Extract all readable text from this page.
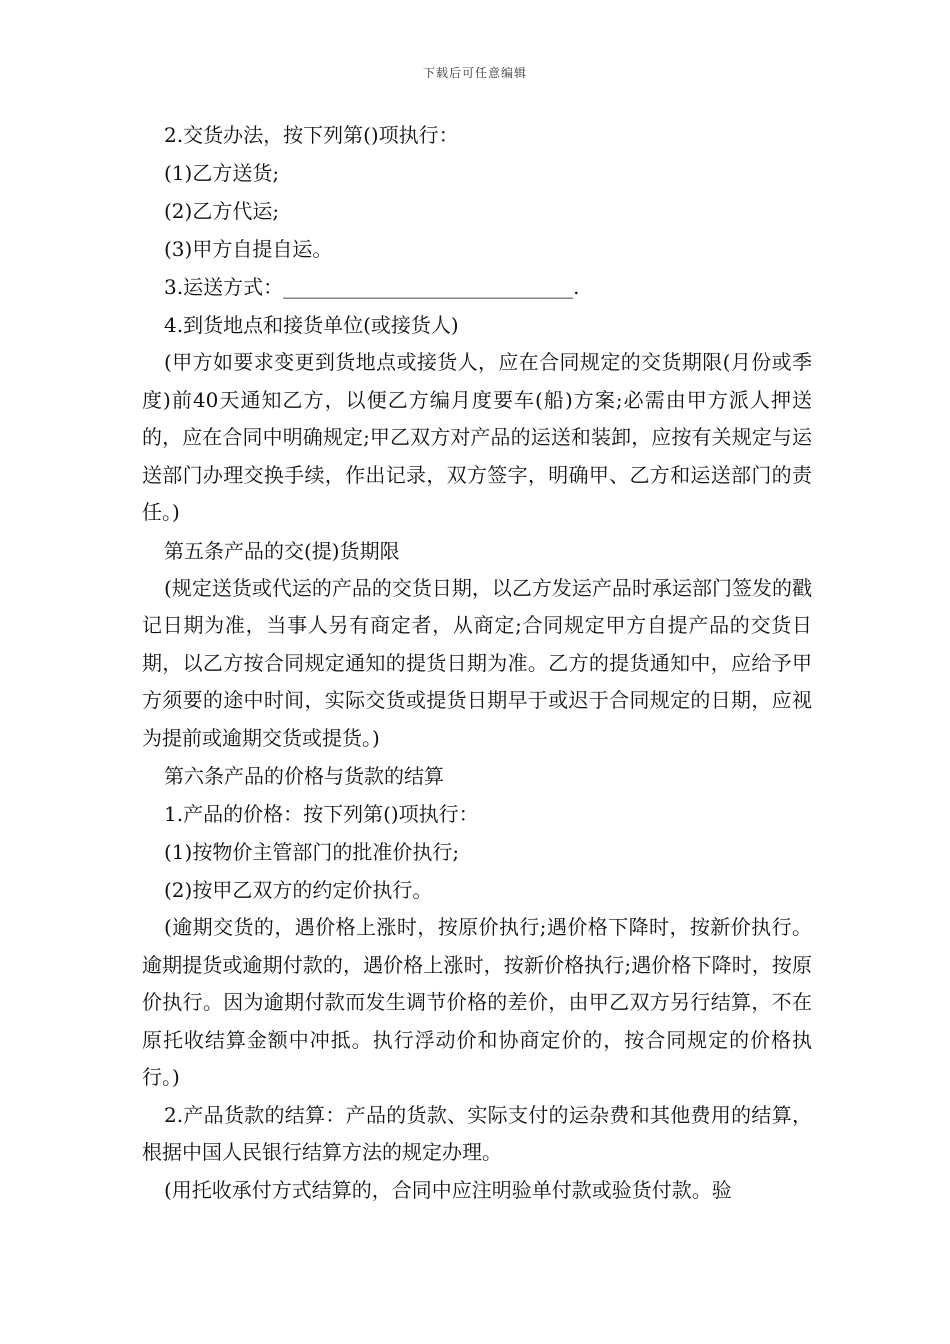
下载后可任意编辑

2.交货办法，按下列第()项执行：

(1)乙方送货;

(2)乙方代运;

(3)甲方自提自运。

3.运送方式：_____________________________.

4.到货地点和接货单位(或接货人)

(甲方如要求变更到货地点或接货人，应在合同规定的交货期限(月份或季度)前40天通知乙方，以便乙方编月度要车(船)方案;必需由甲方派人押送的，应在合同中明确规定;甲乙双方对产品的运送和装卸，应按有关规定与运送部门办理交换手续，作出记录，双方签字，明确甲、乙方和运送部门的责任。)

第五条产品的交(提)货期限

(规定送货或代运的产品的交货日期，以乙方发运产品时承运部门签发的戳记日期为准，当事人另有商定者，从商定;合同规定甲方自提产品的交货日期，以乙方按合同规定通知的提货日期为准。乙方的提货通知中，应给予甲方须要的途中时间，实际交货或提货日期早于或迟于合同规定的日期，应视为提前或逾期交货或提货。)

第六条产品的价格与货款的结算

1.产品的价格：按下列第()项执行：

(1)按物价主管部门的批准价执行;

(2)按甲乙双方的约定价执行。

(逾期交货的，遇价格上涨时，按原价执行;遇价格下降时，按新价执行。逾期提货或逾期付款的，遇价格上涨时，按新价格执行;遇价格下降时，按原价执行。因为逾期付款而发生调节价格的差价，由甲乙双方另行结算，不在原托收结算金额中冲抵。执行浮动价和协商定价的，按合同规定的价格执行。)

2.产品货款的结算：产品的货款、实际支付的运杂费和其他费用的结算，根据中国人民银行结算方法的规定办理。

(用托收承付方式结算的，合同中应注明验单付款或验货付款。验
